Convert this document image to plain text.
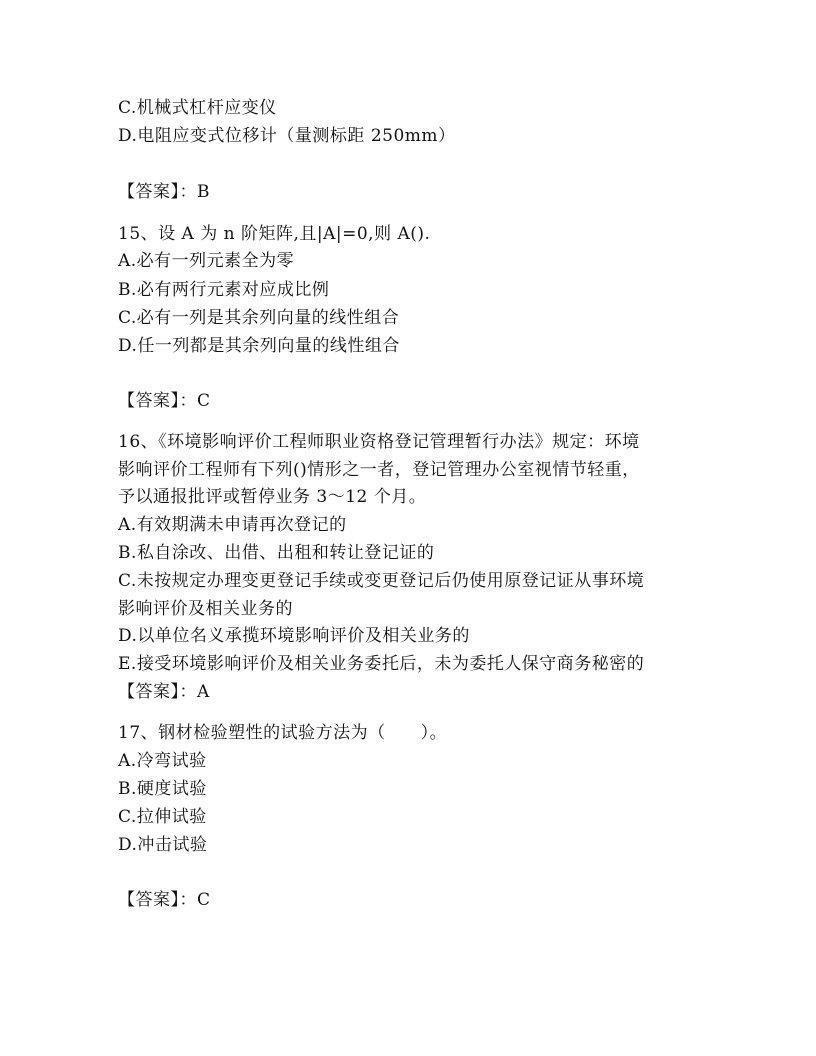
C.机械式杠杆应变仪
D.电阻应变式位移计（量测标距 250mm）
【答案】：B
15、设 A 为 n 阶矩阵,且|A|=0,则 A().
A.必有一列元素全为零
B.必有两行元素对应成比例
C.必有一列是其余列向量的线性组合
D.任一列都是其余列向量的线性组合
【答案】：C
16、《环境影响评价工程师职业资格登记管理暂行办法》规定：环境
影响评价工程师有下列()情形之一者，登记管理办公室视情节轻重，
予以通报批评或暂停业务 3～12 个月。
A.有效期满未申请再次登记的
B.私自涂改、出借、出租和转让登记证的
C.未按规定办理变更登记手续或变更登记后仍使用原登记证从事环境
影响评价及相关业务的
D.以单位名义承揽环境影响评价及相关业务的
E.接受环境影响评价及相关业务委托后，未为委托人保守商务秘密的
【答案】：A
17、钢材检验塑性的试验方法为（　　）。
A.冷弯试验
B.硬度试验
C.拉伸试验
D.冲击试验
【答案】：C
